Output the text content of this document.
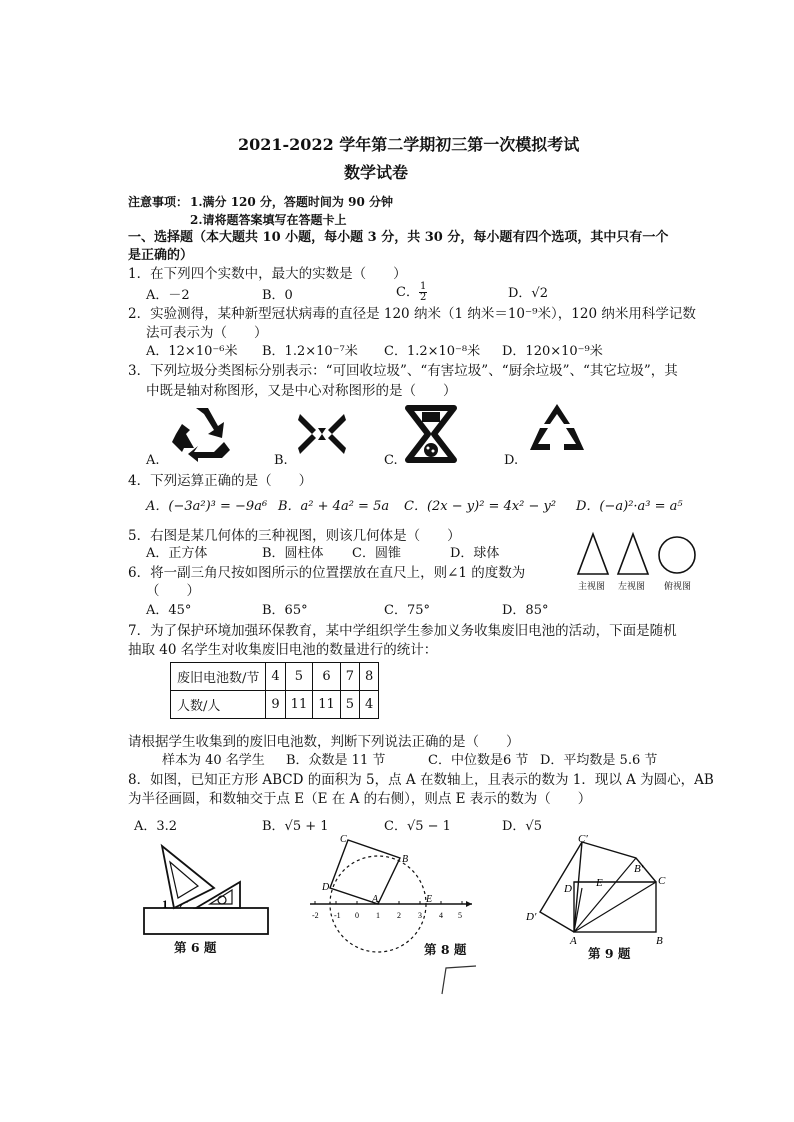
2021-2022 学年第二学期初三第一次模拟考试
数学试卷
注意事项： 1.满分 120 分，答题时间为 90 分钟
2.请将题答案填写在答题卡上
一、选择题（本大题共 10 小题，每小题 3 分，共 30 分，每小题有四个选项，其中只有一个
是正确的）
1．在下列四个实数中，最大的实数是（　　）
A．－2	B．0	C． $\frac{1}{2}$	D．√2
2．实验测得，某种新型冠状病毒的直径是 120 纳米（1 纳米＝10⁻⁹米），120 纳米用科学记数
法可表示为（　　）
A．12×10⁻⁶米 B．1.2×10⁻⁷米 C．1.2×10⁻⁸米 D．120×10⁻⁹米
3．下列垃圾分类图标分别表示：“可回收垃圾”、“有害垃圾”、“厨余垃圾”、“其它垃圾”，其
中既是轴对称图形，又是中心对称图形的是（　　）
A.	B.	C.	D.
4．下列运算正确的是（　　）
A．(−3a²)³ = −9a⁶ B．a² + 4a² = 5a C．(2x − y)² = 4x² − y² D．(−a)²·a³ = a⁵
5．右图是某几何体的三种视图，则该几何体是（　　）
A．正方体	B．圆柱体 C．圆锥	D．球体
主视图 左视图 俯视图
6．将一副三角尺按如图所示的位置摆放在直尺上，则∠1 的度数为
（　　）
A．45°	B．65°	C．75°	D．85°
7．为了保护环境加强环保教育，某中学组织学生参加义务收集废旧电池的活动，下面是随机
抽取 40 名学生对收集废旧电池的数量进行的统计：
废旧电池数/节	4	5	6	7	8
人数/人	9	11	11	5	4
请根据学生收集到的废旧电池数，判断下列说法正确的是（　　）
样本为 40 名学生 B．众数是 11 节	C．中位数是6 节 D．平均数是 5.6 节
8．如图，已知正方形 ABCD 的面积为 5，点 A 在数轴上，且表示的数为 1．现以 A 为圆心，AB
为半径画圆，和数轴交于点 E（E 在 A 的右侧），则点 E 表示的数为（　　）
A．3.2	B．√5 + 1	C．√5 − 1	D．√5
1
第 6 题
C
B
D
A	E
-2 -1 0 1 2 3 4 5
第 8 题
C′
B′
D E	C
D′
A	B
第 9 题
